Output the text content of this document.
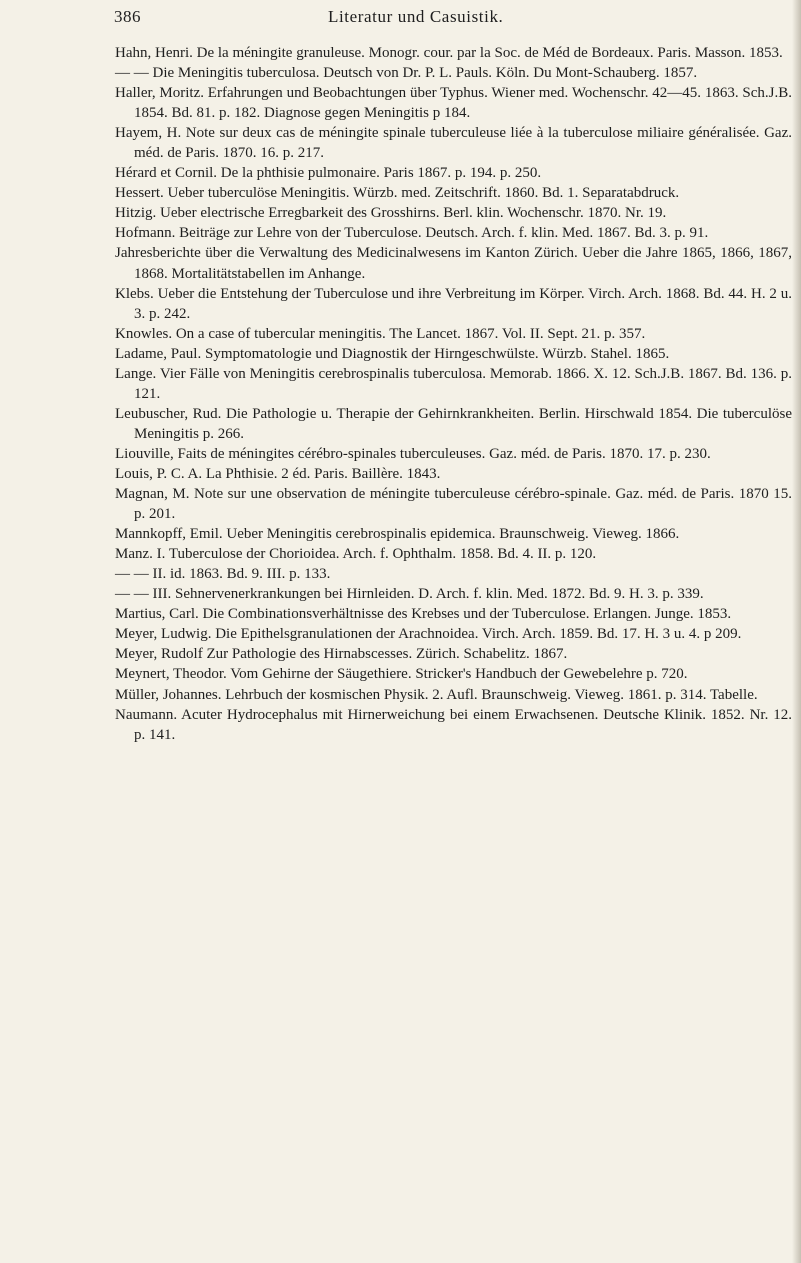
386	Literatur und Casuistik.
Hahn, Henri. De la méningite granuleuse. Monogr. cour. par la Soc. de Méd de Bordeaux. Paris. Masson. 1853.
— — Die Meningitis tuberculosa. Deutsch von Dr. P. L. Pauls. Köln. Du Mont-Schauberg. 1857.
Haller, Moritz. Erfahrungen und Beobachtungen über Typhus. Wiener med. Wochenschr. 42—45. 1863. Sch.J.B. 1854. Bd. 81. p. 182. Diagnose gegen Meningitis p 184.
Hayem, H. Note sur deux cas de méningite spinale tuberculeuse liée à la tuberculose miliaire généralisée. Gaz. méd. de Paris. 1870. 16. p. 217.
Hérard et Cornil. De la phthisie pulmonaire. Paris 1867. p. 194. p. 250.
Hessert. Ueber tuberculöse Meningitis. Würzb. med. Zeitschrift. 1860. Bd. 1. Separatabdruck.
Hitzig. Ueber electrische Erregbarkeit des Grosshirns. Berl. klin. Wochenschr. 1870. Nr. 19.
Hofmann. Beiträge zur Lehre von der Tuberculose. Deutsch. Arch. f. klin. Med. 1867. Bd. 3. p. 91.
Jahresberichte über die Verwaltung des Medicinalwesens im Kanton Zürich. Ueber die Jahre 1865, 1866, 1867, 1868. Mortalitätstabellen im Anhange.
Klebs. Ueber die Entstehung der Tuberculose und ihre Verbreitung im Körper. Virch. Arch. 1868. Bd. 44. H. 2 u. 3. p. 242.
Knowles. On a case of tubercular meningitis. The Lancet. 1867. Vol. II. Sept. 21. p. 357.
Ladame, Paul. Symptomatologie und Diagnostik der Hirngeschwülste. Würzb. Stahel. 1865.
Lange. Vier Fälle von Meningitis cerebrospinalis tuberculosa. Memorab. 1866. X. 12. Sch.J.B. 1867. Bd. 136. p. 121.
Leubuscher, Rud. Die Pathologie u. Therapie der Gehirnkrankheiten. Berlin. Hirschwald 1854. Die tuberculöse Meningitis p. 266.
Liouville, Faits de méningites cérébro-spinales tuberculeuses. Gaz. méd. de Paris. 1870. 17. p. 230.
Louis, P. C. A. La Phthisie. 2 éd. Paris. Baillère. 1843.
Magnan, M. Note sur une observation de méningite tuberculeuse cérébro-spinale. Gaz. méd. de Paris. 1870 15. p. 201.
Mannkopff, Emil. Ueber Meningitis cerebrospinalis epidemica. Braunschweig. Vieweg. 1866.
Manz. I. Tuberculose der Chorioidea. Arch. f. Ophthalm. 1858. Bd. 4. II. p. 120.
— — II. id. 1863. Bd. 9. III. p. 133.
— — III. Sehnervenerkrankungen bei Hirnleiden. D. Arch. f. klin. Med. 1872. Bd. 9. H. 3. p. 339.
Martius, Carl. Die Combinationsverhältnisse des Krebses und der Tuberculose. Erlangen. Junge. 1853.
Meyer, Ludwig. Die Epithelsgranulationen der Arachnoidea. Virch. Arch. 1859. Bd. 17. H. 3 u. 4. p 209.
Meyer, Rudolf Zur Pathologie des Hirnabscesses. Zürich. Schabelitz. 1867.
Meynert, Theodor. Vom Gehirne der Säugethiere. Stricker's Handbuch der Gewebelehre p. 720.
Müller, Johannes. Lehrbuch der kosmischen Physik. 2. Aufl. Braunschweig. Vieweg. 1861. p. 314. Tabelle.
Naumann. Acuter Hydrocephalus mit Hirnerweichung bei einem Erwachsenen. Deutsche Klinik. 1852. Nr. 12. p. 141.
